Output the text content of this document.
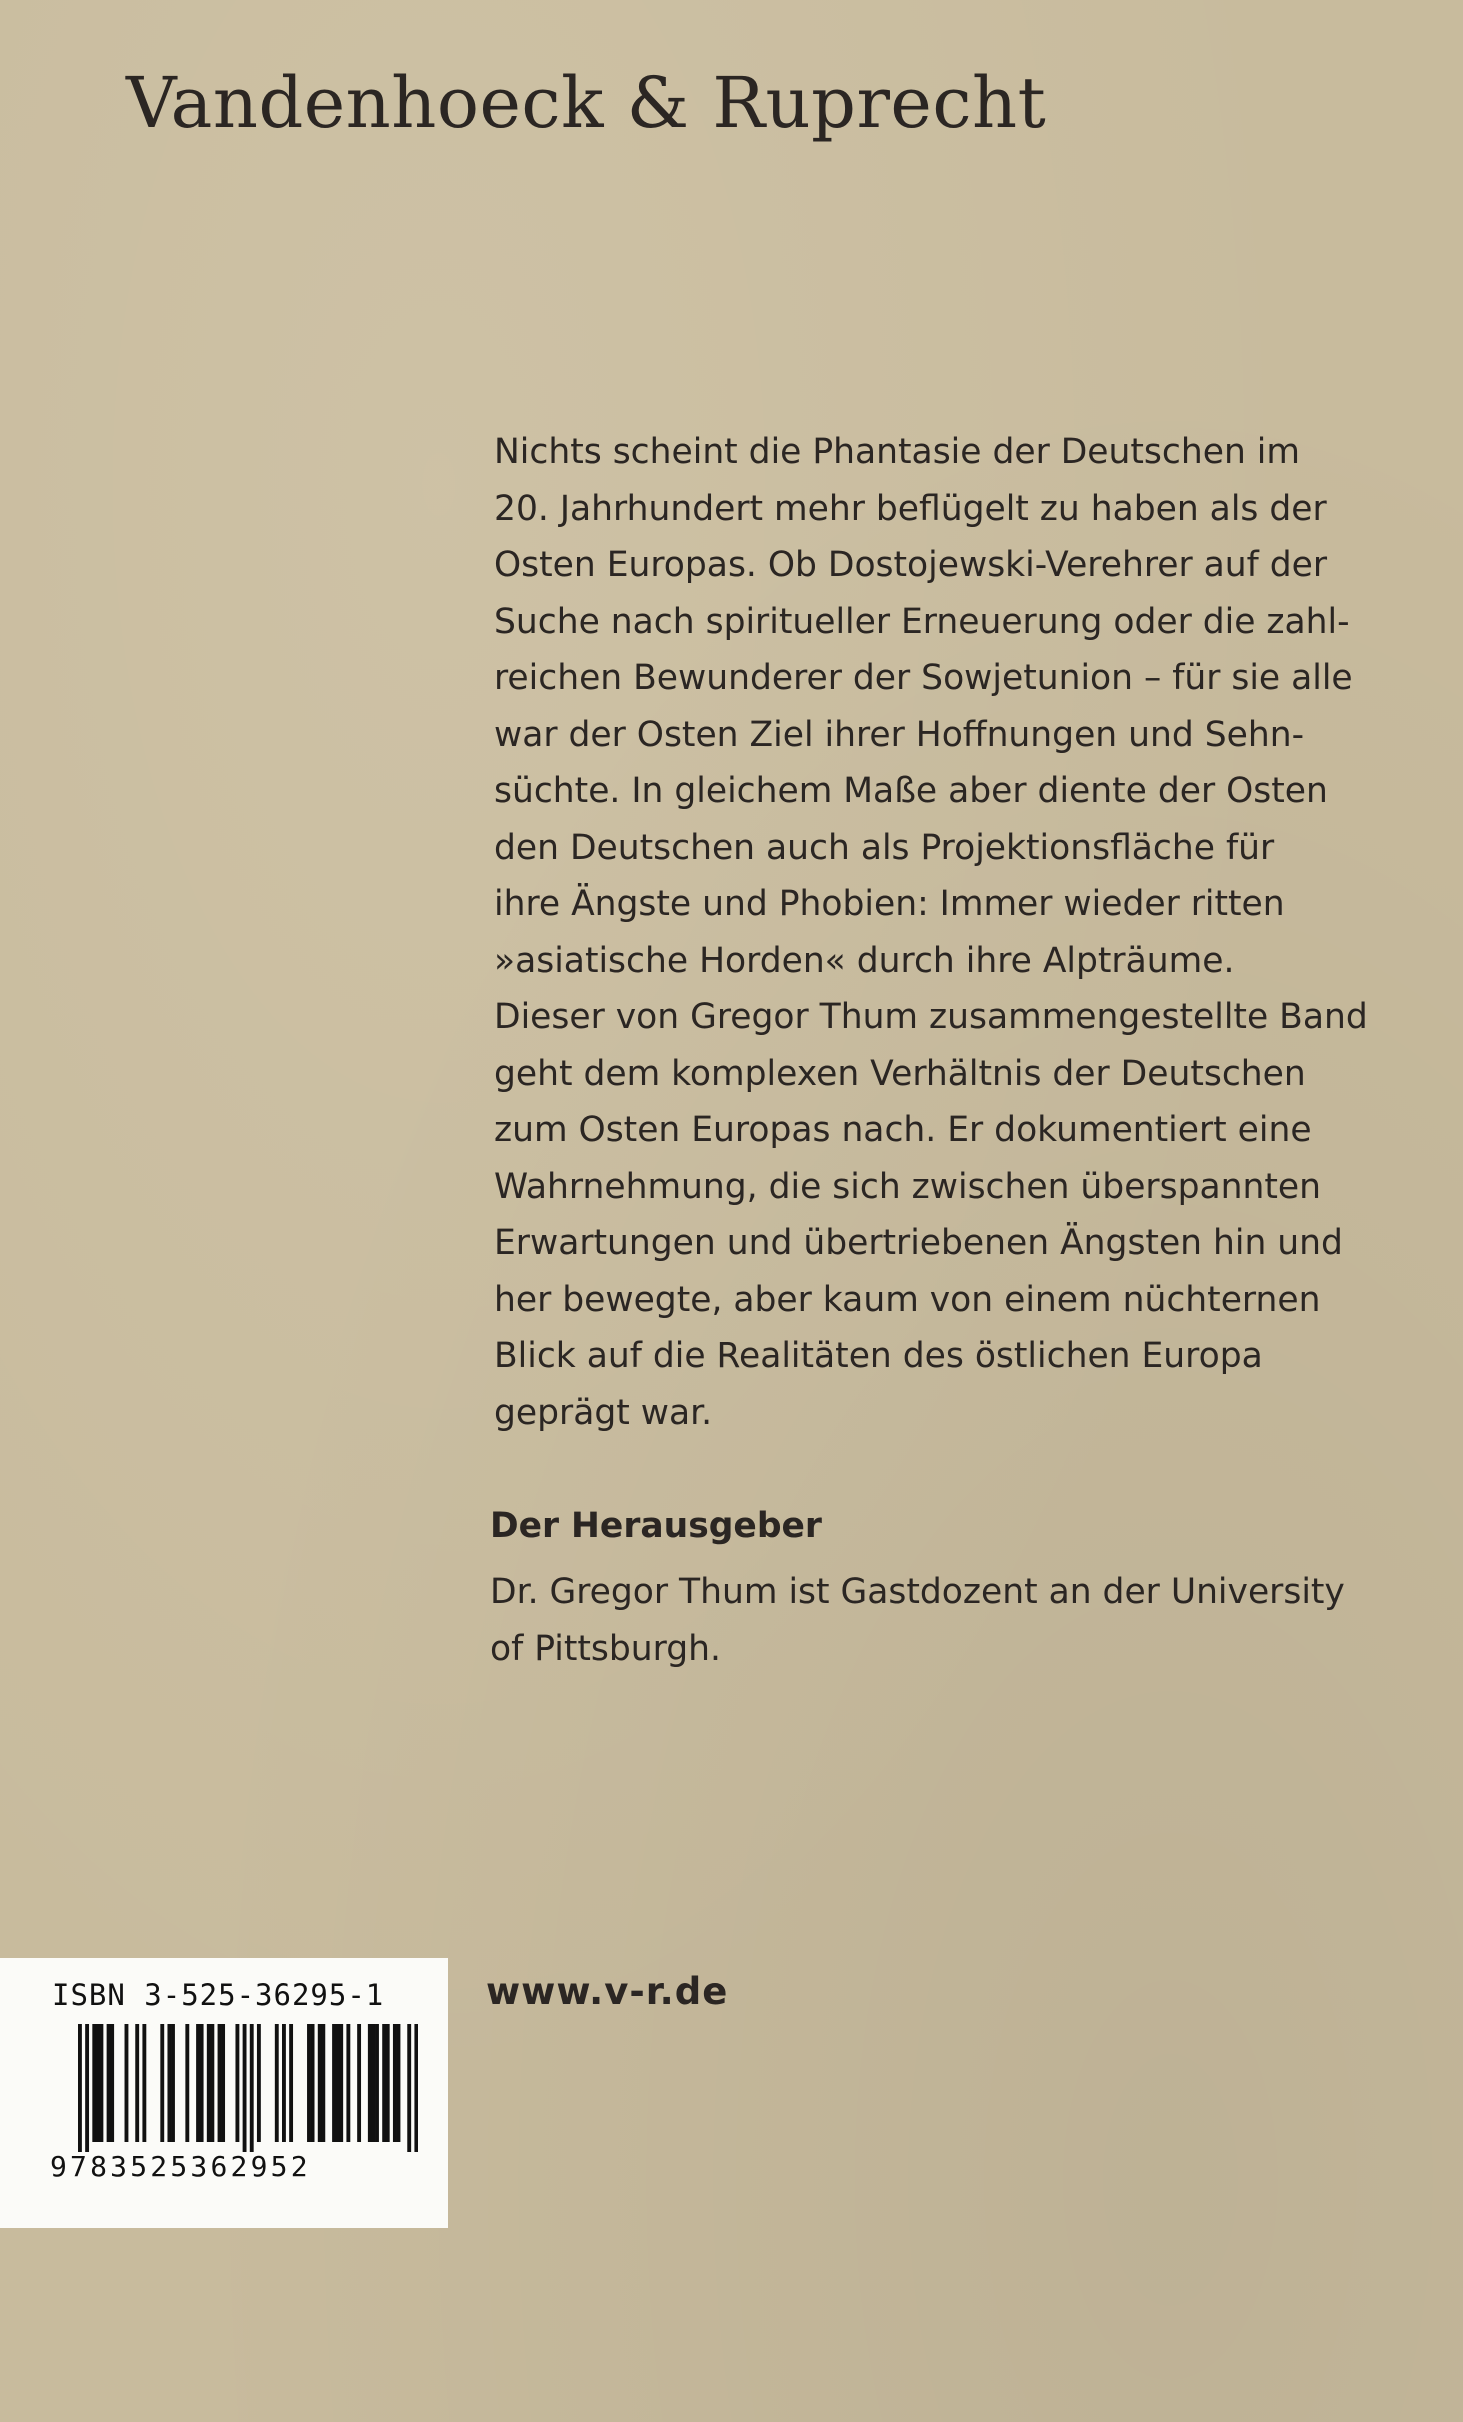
Vandenhoeck & Ruprecht
Nichts scheint die Phantasie der Deutschen im
20. Jahrhundert mehr beflügelt zu haben als der
Osten Europas. Ob Dostojewski-Verehrer auf der
Suche nach spiritueller Erneuerung oder die zahl-
reichen Bewunderer der Sowjetunion – für sie alle
war der Osten Ziel ihrer Hoffnungen und Sehn-
süchte. In gleichem Maße aber diente der Osten
den Deutschen auch als Projektionsfläche für
ihre Ängste und Phobien: Immer wieder ritten
»asiatische Horden« durch ihre Alpträume.
Dieser von Gregor Thum zusammengestellte Band
geht dem komplexen Verhältnis der Deutschen
zum Osten Europas nach. Er dokumentiert eine
Wahrnehmung, die sich zwischen überspannten
Erwartungen und übertriebenen Ängsten hin und
her bewegte, aber kaum von einem nüchternen
Blick auf die Realitäten des östlichen Europa
geprägt war.
Der Herausgeber
Dr. Gregor Thum ist Gastdozent an der University
of Pittsburgh.
www.v-r.de
ISBN 3-525-36295-1
9783525362952
